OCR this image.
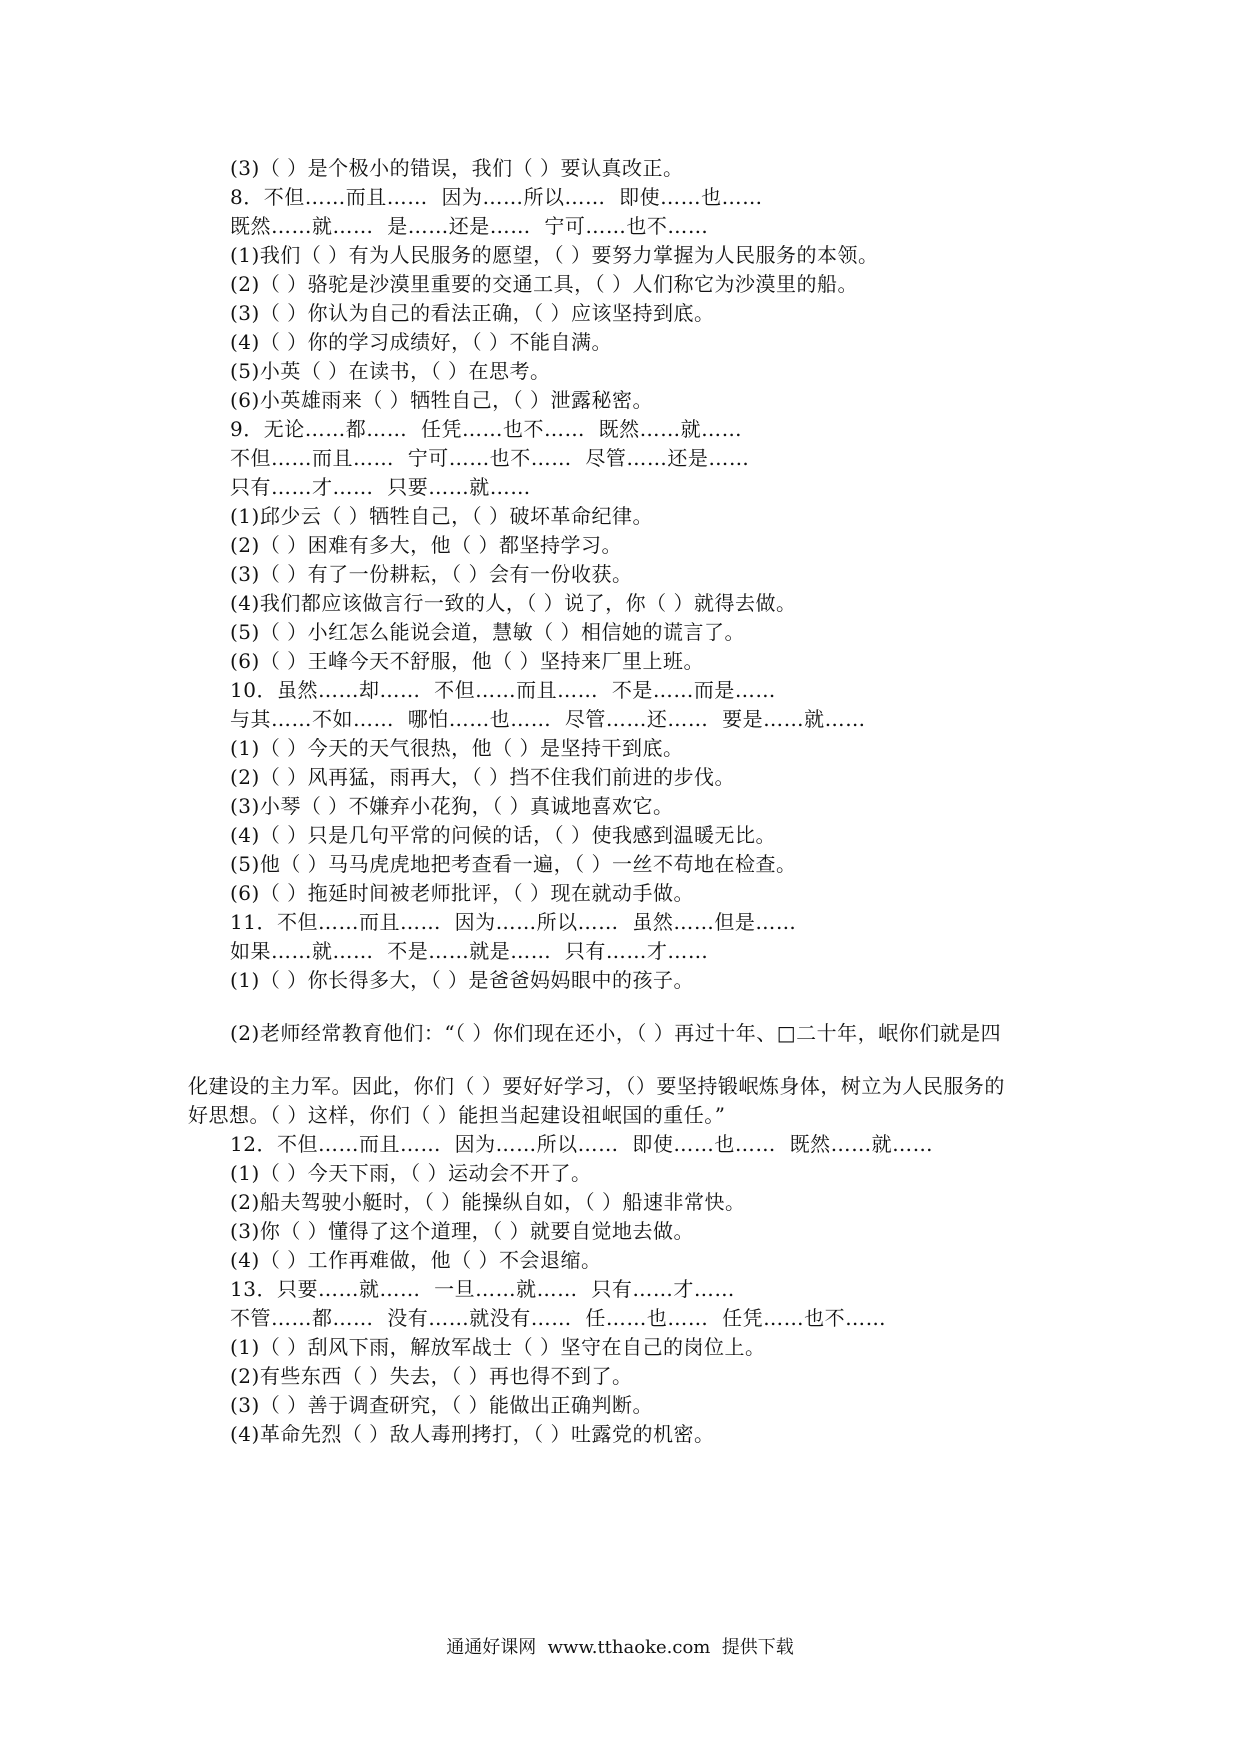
(3)（ ）是个极小的错误，我们（ ）要认真改正。
8．不但……而且……  因为……所以……  即使……也……
既然……就……  是……还是……  宁可……也不……
(1)我们（ ）有为人民服务的愿望，（ ）要努力掌握为人民服务的本领。
(2)（ ）骆驼是沙漠里重要的交通工具，（ ）人们称它为沙漠里的船。
(3)（ ）你认为自己的看法正确，（ ）应该坚持到底。
(4)（ ）你的学习成绩好，（ ）不能自满。
(5)小英（ ）在读书，（ ）在思考。
(6)小英雄雨来（ ）牺牲自己，（ ）泄露秘密。
9．无论……都……  任凭……也不……  既然……就……
不但……而且……  宁可……也不……  尽管……还是……
只有……才……  只要……就……
(1)邱少云（ ）牺牲自己，（ ）破坏革命纪律。
(2)（ ）困难有多大，他（ ）都坚持学习。
(3)（ ）有了一份耕耘，（ ）会有一份收获。
(4)我们都应该做言行一致的人，（ ）说了，你（ ）就得去做。
(5)（ ）小红怎么能说会道，慧敏（ ）相信她的谎言了。
(6)（ ）王峰今天不舒服，他（ ）坚持来厂里上班。
10．虽然……却……  不但……而且……  不是……而是……
与其……不如……  哪怕……也……  尽管……还……  要是……就……
(1)（ ）今天的天气很热，他（ ）是坚持干到底。
(2)（ ）风再猛，雨再大，（ ）挡不住我们前进的步伐。
(3)小琴（ ）不嫌弃小花狗，（ ）真诚地喜欢它。
(4)（ ）只是几句平常的问候的话，（ ）使我感到温暖无比。
(5)他（ ）马马虎虎地把考查看一遍，（ ）一丝不苟地在检查。
(6)（ ）拖延时间被老师批评，（ ）现在就动手做。
11．不但……而且……  因为……所以……  虽然……但是……
如果……就……  不是……就是……  只有……才……
(1)（ ）你长得多大，（ ）是爸爸妈妈眼中的孩子。
(2)老师经常教育他们：“（ ）你们现在还小，（ ）再过十年、□二十年，岷你们就是四
化建设的主力军。因此，你们（ ）要好好学习，（）要坚持锻岷炼身体，树立为人民服务的
好思想。（ ）这样，你们（ ）能担当起建设祖岷国的重任。”
12．不但……而且……  因为……所以……  即使……也……  既然……就……
(1)（ ）今天下雨，（ ）运动会不开了。
(2)船夫驾驶小艇时，（ ）能操纵自如，（ ）船速非常快。
(3)你（ ）懂得了这个道理，（ ）就要自觉地去做。
(4)（ ）工作再难做，他（ ）不会退缩。
13．只要……就……  一旦……就……  只有……才……
不管……都……  没有……就没有……  任……也……  任凭……也不……
(1)（ ）刮风下雨，解放军战士（ ）坚守在自己的岗位上。
(2)有些东西（ ）失去，（ ）再也得不到了。
(3)（ ）善于调查研究，（ ）能做出正确判断。
(4)革命先烈（ ）敌人毒刑拷打，（ ）吐露党的机密。
通通好课网  www.tthaoke.com  提供下载
